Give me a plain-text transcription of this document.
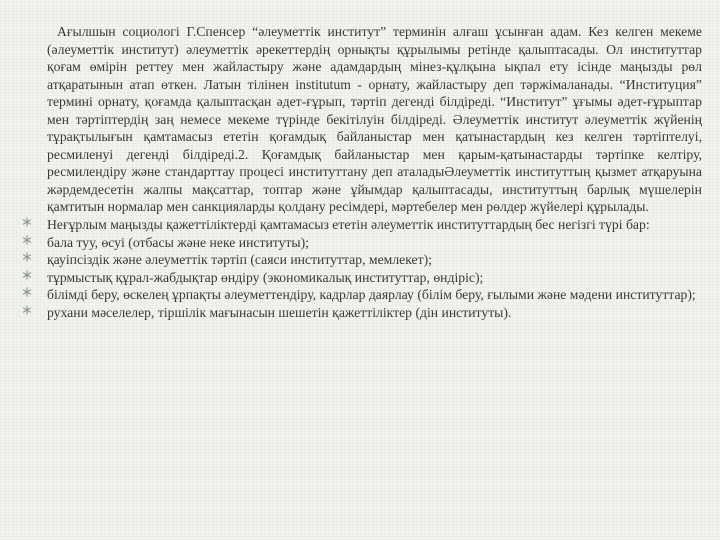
Ағылшын социологі Г.Спенсер “әлеуметтік институт” терминін алғаш ұсынған адам. Кез келген мекеме (әлеуметтік институт) әлеуметтік әрекеттердің орнықты құрылымы ретінде қалыптасады. Ол институттар қоғам өмірін реттеу мен жайластыру және адамдардың мінез-құлқына ықпал ету ісінде маңызды рөл атқаратынын атап өткен. Латын тілінен institutum - орнату, жайластыру деп тәржімаланады. “Институция” термині орнату, қоғамда қалыптасқан әдет-ғұрып, тәртіп дегенді білдіреді. “Институт” ұғымы әдет-ғұрыптар мен тәртіптердің заң немесе мекеме түрінде бекітілуін білдіреді. Әлеуметтік институт әлеуметтік жүйенің тұрақтылығын қамтамасыз ететін қоғамдық байланыстар мен қатынастардың кез келген тәртіптелуі, ресмиленуі дегенді білдіреді.2. Қоғамдық байланыстар мен қарым-қатынастарды тәртіпке келтіру, ресмилендіру және стандарттау процесі институттану деп аталадыӘлеуметтік институттың қызмет атқаруына жәрдемдесетін жалпы мақсаттар, топтар және ұйымдар қалыптасады, институттың барлық мүшелерін қамтитын нормалар мен санкцияларды қолдану ресімдері, мәртебелер мен рөлдер жүйелері құрылады.
Неғұрлым маңызды қажеттіліктерді қамтамасыз ететін әлеуметтік институттардың бес негізгі түрі бар:
бала туу, өсуі (отбасы және неке институты);
қауіпсіздік және әлеуметтік тәртіп (саяси институттар, мемлекет);
тұрмыстық құрал-жабдықтар өндіру (экономикалық институттар, өндіріс);
білімді беру, өскелең ұрпақты әлеуметтендіру, кадрлар даярлау (білім беру, ғылыми және мәдени институттар);
рухани мәселелер, тіршілік мағынасын шешетін қажеттіліктер (дін институты).
